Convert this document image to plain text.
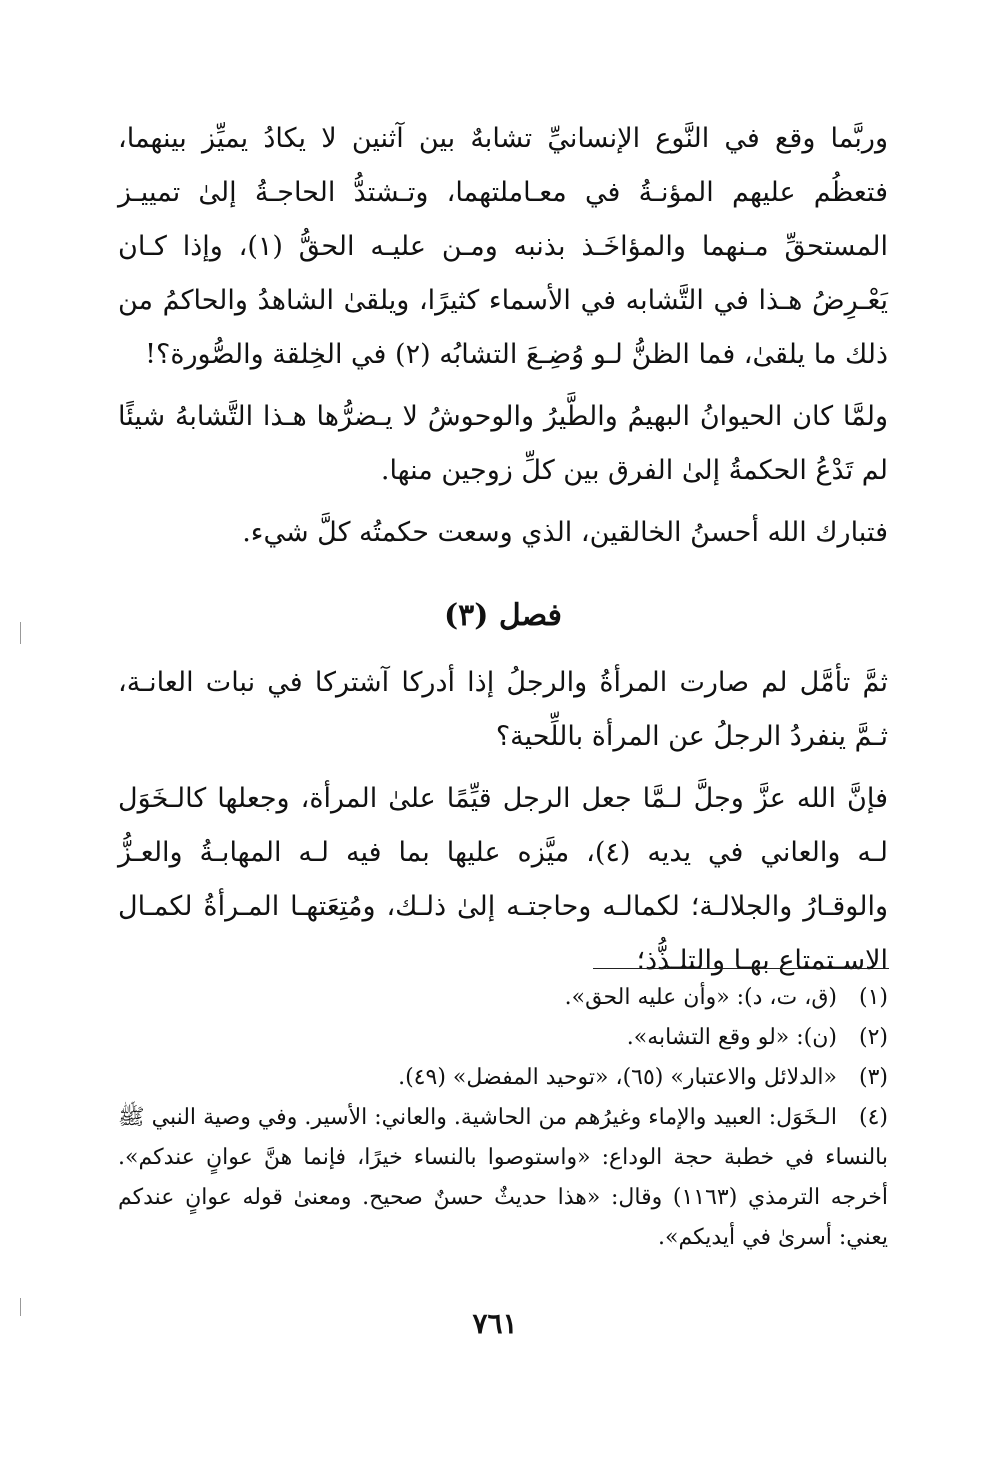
وربَّما وقع في النَّوع الإنسانيِّ تشابهٌ بين آثنين لا يكادُ يميِّز بينهما، فتعظُم عليهم المؤنـةُ في معـاملتهما، وتـشتدُّ الحاجـةُ إلىٰ تمييـز المستحقِّ مـنهما والمؤاخَـذ بذنبه ومـن عليـه الحقُّ (١)، وإذا كـان يَعْـرِضُ هـذا في التَّشابه في الأسماء كثيرًا، ويلقىٰ الشاهدُ والحاكمُ من ذلك ما يلقىٰ، فما الظنُّ لـو وُضِـعَ التشابُه (٢) في الخِلقة والصُّورة؟!

ولمَّا كان الحيوانُ البهيمُ والطَّيرُ والوحوشُ لا يـضرُّها هـذا التَّشابهُ شيئًا لم تَدْعُ الحكمةُ إلىٰ الفرق بين كلِّ زوجين منها.

فتبارك الله أحسنُ الخالقين، الذي وسعت حكمتُه كلَّ شيء.

فصل (٣)

ثمَّ تأمَّل لم صارت المرأةُ والرجلُ إذا أدركا آشتركا في نبات العانـة، ثـمَّ ينفردُ الرجلُ عن المرأة باللِّحية؟

فإنَّ الله عزَّ وجلَّ لـمَّا جعل الرجل قيِّمًا علىٰ المرأة، وجعلها كالـخَوَل لـه والعاني في يديه (٤)، ميَّزه عليها بما فيه لـه المهابـةُ والعـزُّ والوقـارُ والجلالـة؛ لكمالـه وحاجتـه إلىٰ ذلـك، ومُتِعَتهـا المـرأةُ لكمـال الاسـتمتاع بهـا والتلـذُّذ؛

(١) (ق، ت، د): «وأن عليه الحق».

(٢) (ن): «لو وقع التشابه».

(٣) «الدلائل والاعتبار» (٦٥)، «توحيد المفضل» (٤٩).

(٤) الـخَوَل: العبيد والإماء وغيرُهم من الحاشية. والعاني: الأسير. وفي وصية النبي ﷺ بالنساء في خطبة حجة الوداع: «واستوصوا بالنساء خيرًا، فإنما هنَّ عوانٍ عندكم». أخرجه الترمذي (١١٦٣) وقال: «هذا حديثٌ حسنٌ صحيح. ومعنىٰ قوله عوانٍ عندكم يعني: أسرىٰ في أيديكم».

٧٦١
